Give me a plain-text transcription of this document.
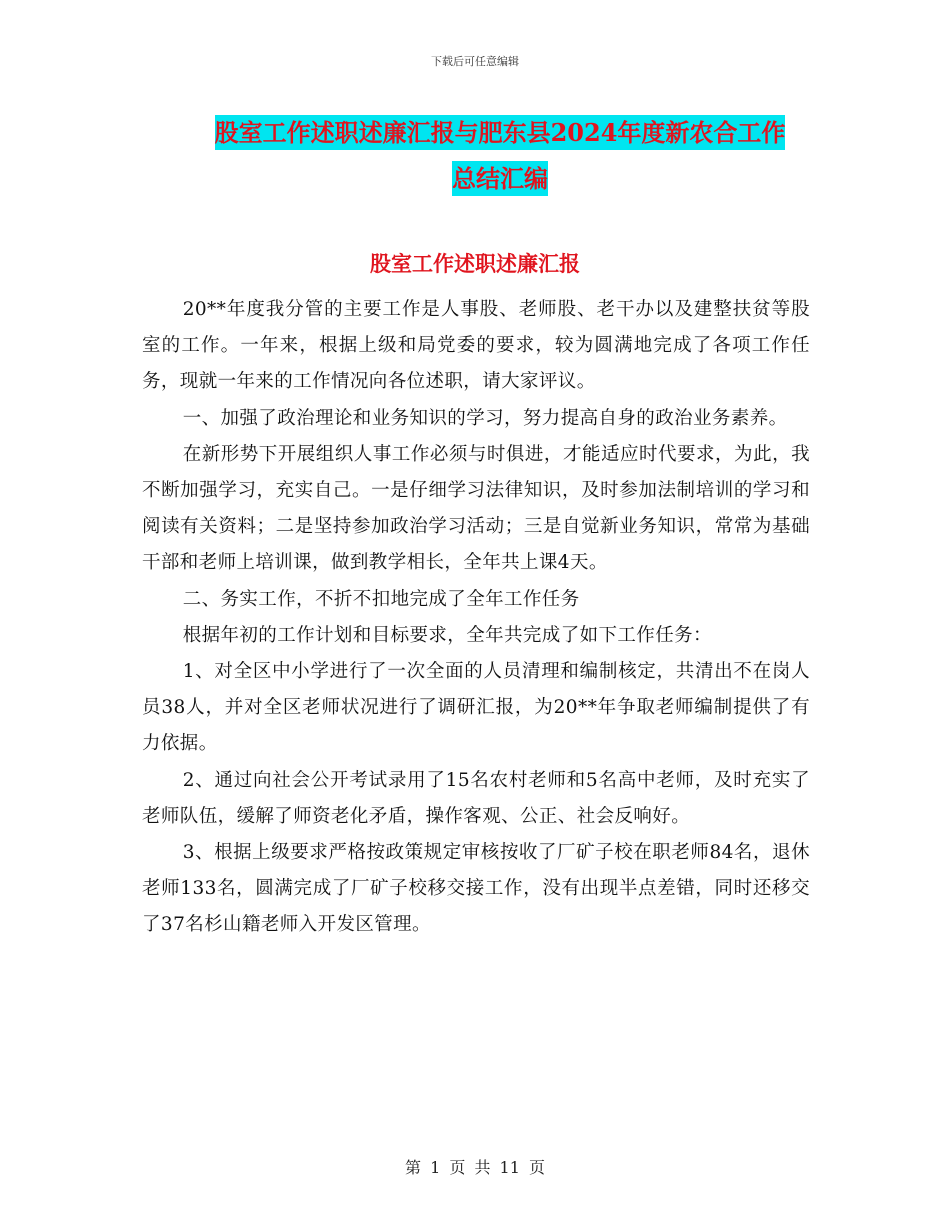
下载后可任意编辑
股室工作述职述廉汇报与肥东县2024年度新农合工作
总结汇编
股室工作述职述廉汇报

20**年度我分管的主要工作是人事股、老师股、老干办以及建整扶贫等股室的工作。一年来，根据上级和局党委的要求，较为圆满地完成了各项工作任务，现就一年来的工作情况向各位述职，请大家评议。

一、加强了政治理论和业务知识的学习，努力提高自身的政治业务素养。

在新形势下开展组织人事工作必须与时俱进，才能适应时代要求，为此，我不断加强学习，充实自己。一是仔细学习法律知识，及时参加法制培训的学习和阅读有关资料；二是坚持参加政治学习活动；三是自觉新业务知识，常常为基础干部和老师上培训课，做到教学相长，全年共上课4天。

二、务实工作，不折不扣地完成了全年工作任务

根据年初的工作计划和目标要求，全年共完成了如下工作任务：

1、对全区中小学进行了一次全面的人员清理和编制核定，共清出不在岗人员38人，并对全区老师状况进行了调研汇报，为20**年争取老师编制提供了有力依据。

2、通过向社会公开考试录用了15名农村老师和5名高中老师，及时充实了老师队伍，缓解了师资老化矛盾，操作客观、公正、社会反响好。

3、根据上级要求严格按政策规定审核按收了厂矿子校在职老师84名，退休老师133名，圆满完成了厂矿子校移交接工作，没有出现半点差错，同时还移交了37名杉山籍老师入开发区管理。

第 1 页 共 11 页
